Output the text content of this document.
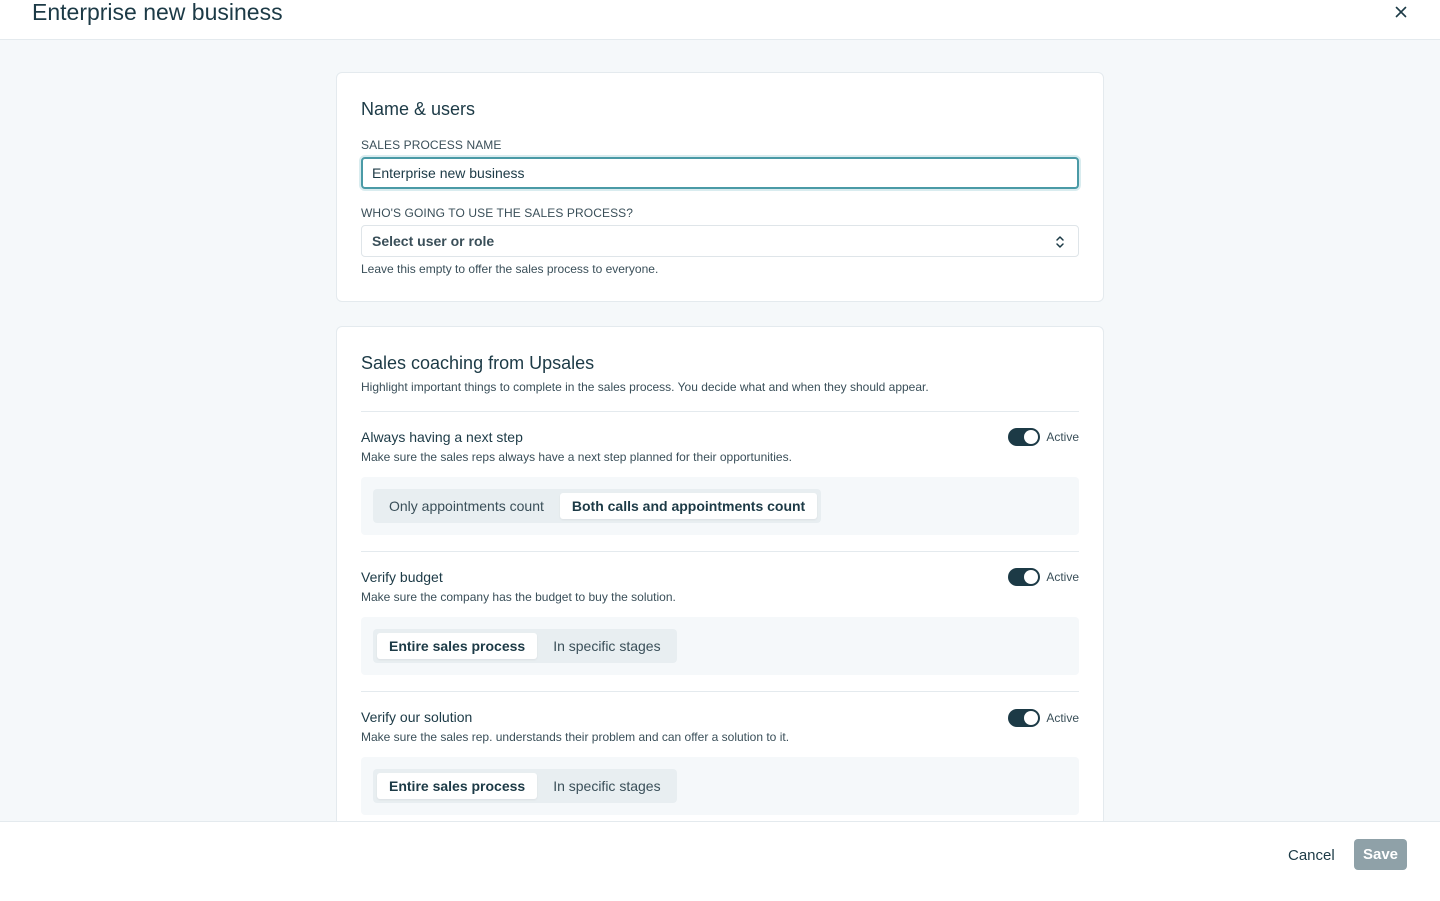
Enterprise new business
Name & users
SALES PROCESS NAME
Enterprise new business
WHO'S GOING TO USE THE SALES PROCESS?
Select user or role
Leave this empty to offer the sales process to everyone.
Sales coaching from Upsales
Highlight important things to complete in the sales process. You decide what and when they should appear.
Always having a next step	Active
Make sure the sales reps always have a next step planned for their opportunities.
Only appointments count	Both calls and appointments count
Verify budget	Active
Make sure the company has the budget to buy the solution.
Entire sales process	In specific stages
Verify our solution	Active
Make sure the sales rep. understands their problem and can offer a solution to it.
Entire sales process	In specific stages
Cancel	Save
